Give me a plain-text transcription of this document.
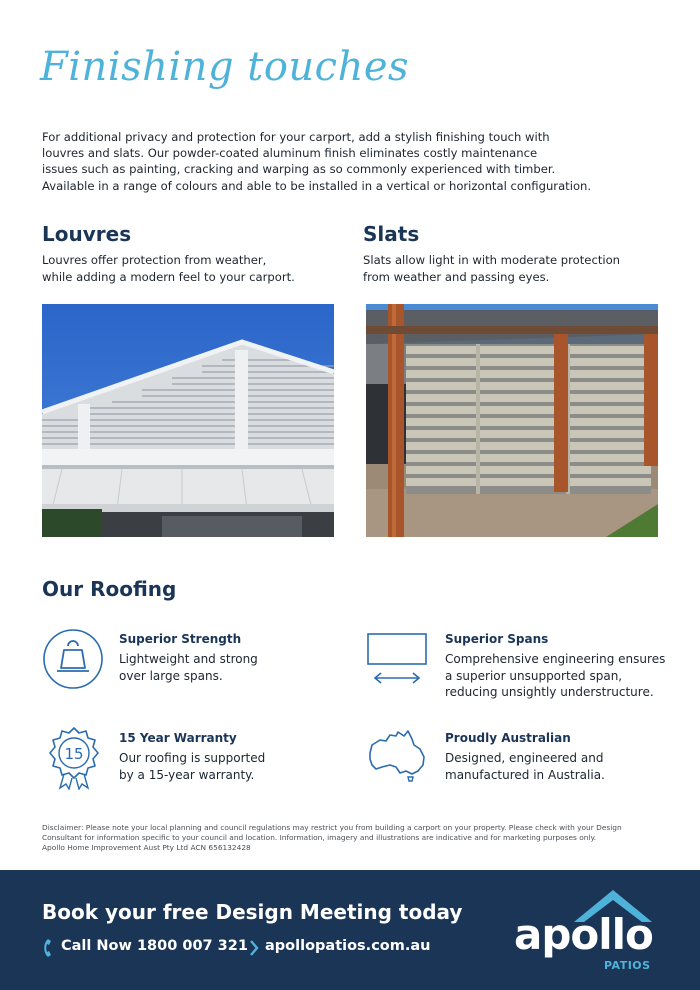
Finishing touches

For additional privacy and protection for your carport, add a stylish finishing touch with

louvres and slats. Our powder-coated aluminum finish eliminates costly maintenance

issues such as painting, cracking and warping as so commonly experienced with timber.

Available in a range of colours and able to be installed in a vertical or horizontal configuration.

Louvres

Louvres offer protection from weather,

while adding a modern feel to your carport.

Slats

Slats allow light in with moderate protection

from weather and passing eyes.

Our Roofing
Superior Strength

Lightweight and strong

over large spans.

Superior Spans

Comprehensive engineering ensures

a superior unsupported span,

reducing unsightly understructure.

15
15 Year Warranty

Our roofing is supported

by a 15-year warranty.

Proudly Australian

Designed, engineered and

manufactured in Australia.

Disclaimer: Please note your local planning and council regulations may restrict you from building a carport on your property. Please check with your Design

Consultant for information specific to your council and location. Information, imagery and illustrations are indicative and for marketing purposes only.

Apollo Home Improvement Aust Pty Ltd ACN 656132428

Book your free Design Meeting today
Call Now 1800 007 321 apollopatios.com.au apollo
PATIOS
